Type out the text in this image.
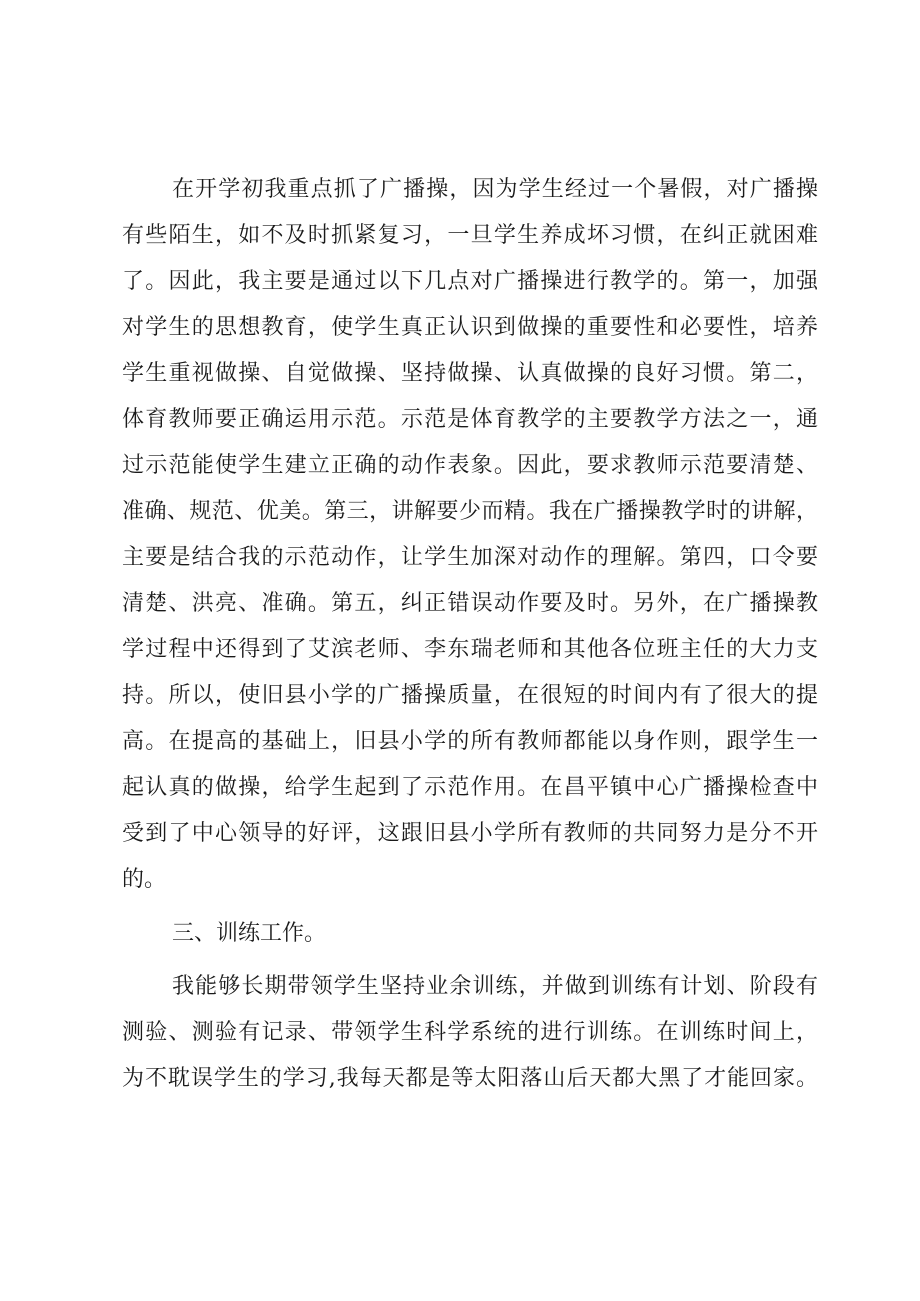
在开学初我重点抓了广播操，因为学生经过一个暑假，对广播操
有些陌生，如不及时抓紧复习，一旦学生养成坏习惯，在纠正就困难
了。因此，我主要是通过以下几点对广播操进行教学的。第一，加强
对学生的思想教育，使学生真正认识到做操的重要性和必要性，培养
学生重视做操、自觉做操、坚持做操、认真做操的良好习惯。第二，
体育教师要正确运用示范。示范是体育教学的主要教学方法之一，通
过示范能使学生建立正确的动作表象。因此，要求教师示范要清楚、
准确、规范、优美。第三，讲解要少而精。我在广播操教学时的讲解，
主要是结合我的示范动作，让学生加深对动作的理解。第四，口令要
清楚、洪亮、准确。第五，纠正错误动作要及时。另外，在广播操教
学过程中还得到了艾滨老师、李东瑞老师和其他各位班主任的大力支
持。所以，使旧县小学的广播操质量，在很短的时间内有了很大的提
高。在提高的基础上，旧县小学的所有教师都能以身作则，跟学生一
起认真的做操，给学生起到了示范作用。在昌平镇中心广播操检查中
受到了中心领导的好评，这跟旧县小学所有教师的共同努力是分不开
的。
三、训练工作。
我能够长期带领学生坚持业余训练，并做到训练有计划、阶段有
测验、测验有记录、带领学生科学系统的进行训练。在训练时间上，
为不耽误学生的学习,我每天都是等太阳落山后天都大黑了才能回家。
